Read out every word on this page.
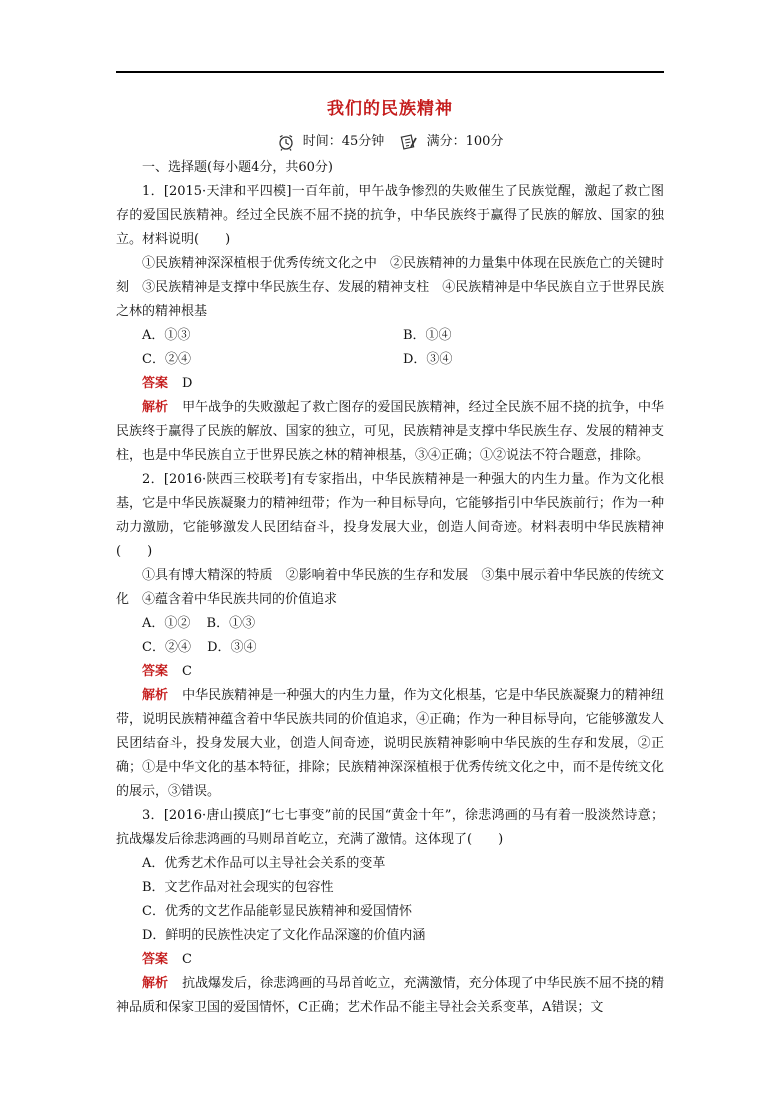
我们的民族精神
时间：45分钟	满分：100分

一、选择题(每小题4分，共60分)

1．[2015·天津和平四模]一百年前，甲午战争惨烈的失败催生了民族觉醒，激起了救亡图存的爱国民族精神。经过全民族不屈不挠的抗争，中华民族终于赢得了民族的解放、国家的独立。材料说明(　　)

①民族精神深深植根于优秀传统文化之中　②民族精神的力量集中体现在民族危亡的关键时刻　③民族精神是支撑中华民族生存、发展的精神支柱　④民族精神是中华民族自立于世界民族之林的精神根基

A．①③	B．①④
C．②④	D．③④

答案 D

解析 甲午战争的失败激起了救亡图存的爱国民族精神，经过全民族不屈不挠的抗争，中华民族终于赢得了民族的解放、国家的独立，可见，民族精神是支撑中华民族生存、发展的精神支柱，也是中华民族自立于世界民族之林的精神根基，③④正确；①②说法不符合题意，排除。

2．[2016·陕西三校联考]有专家指出，中华民族精神是一种强大的内生力量。作为文化根基，它是中华民族凝聚力的精神纽带；作为一种目标导向，它能够指引中华民族前行；作为一种动力激励，它能够激发人民团结奋斗，投身发展大业，创造人间奇迹。材料表明中华民族精神(　　)

①具有博大精深的特质　②影响着中华民族的生存和发展　③集中展示着中华民族的传统文化　④蕴含着中华民族共同的价值追求

A．①② B．①③
C．②④ D．③④

答案 C

解析 中华民族精神是一种强大的内生力量，作为文化根基，它是中华民族凝聚力的精神纽带，说明民族精神蕴含着中华民族共同的价值追求，④正确；作为一种目标导向，它能够激发人民团结奋斗，投身发展大业，创造人间奇迹，说明民族精神影响中华民族的生存和发展，②正确；①是中华文化的基本特征，排除；民族精神深深植根于优秀传统文化之中，而不是传统文化的展示，③错误。

3．[2016·唐山摸底]“七七事变”前的民国“黄金十年”，徐悲鸿画的马有着一股淡然诗意；抗战爆发后徐悲鸿画的马则昂首屹立，充满了激情。这体现了(　　)

A．优秀艺术作品可以主导社会关系的变革

B．文艺作品对社会现实的包容性

C．优秀的文艺作品能彰显民族精神和爱国情怀

D．鲜明的民族性决定了文化作品深邃的价值内涵

答案 C

解析 抗战爆发后，徐悲鸿画的马昂首屹立，充满激情，充分体现了中华民族不屈不挠的精神品质和保家卫国的爱国情怀，C正确；艺术作品不能主导社会关系变革，A错误；文
